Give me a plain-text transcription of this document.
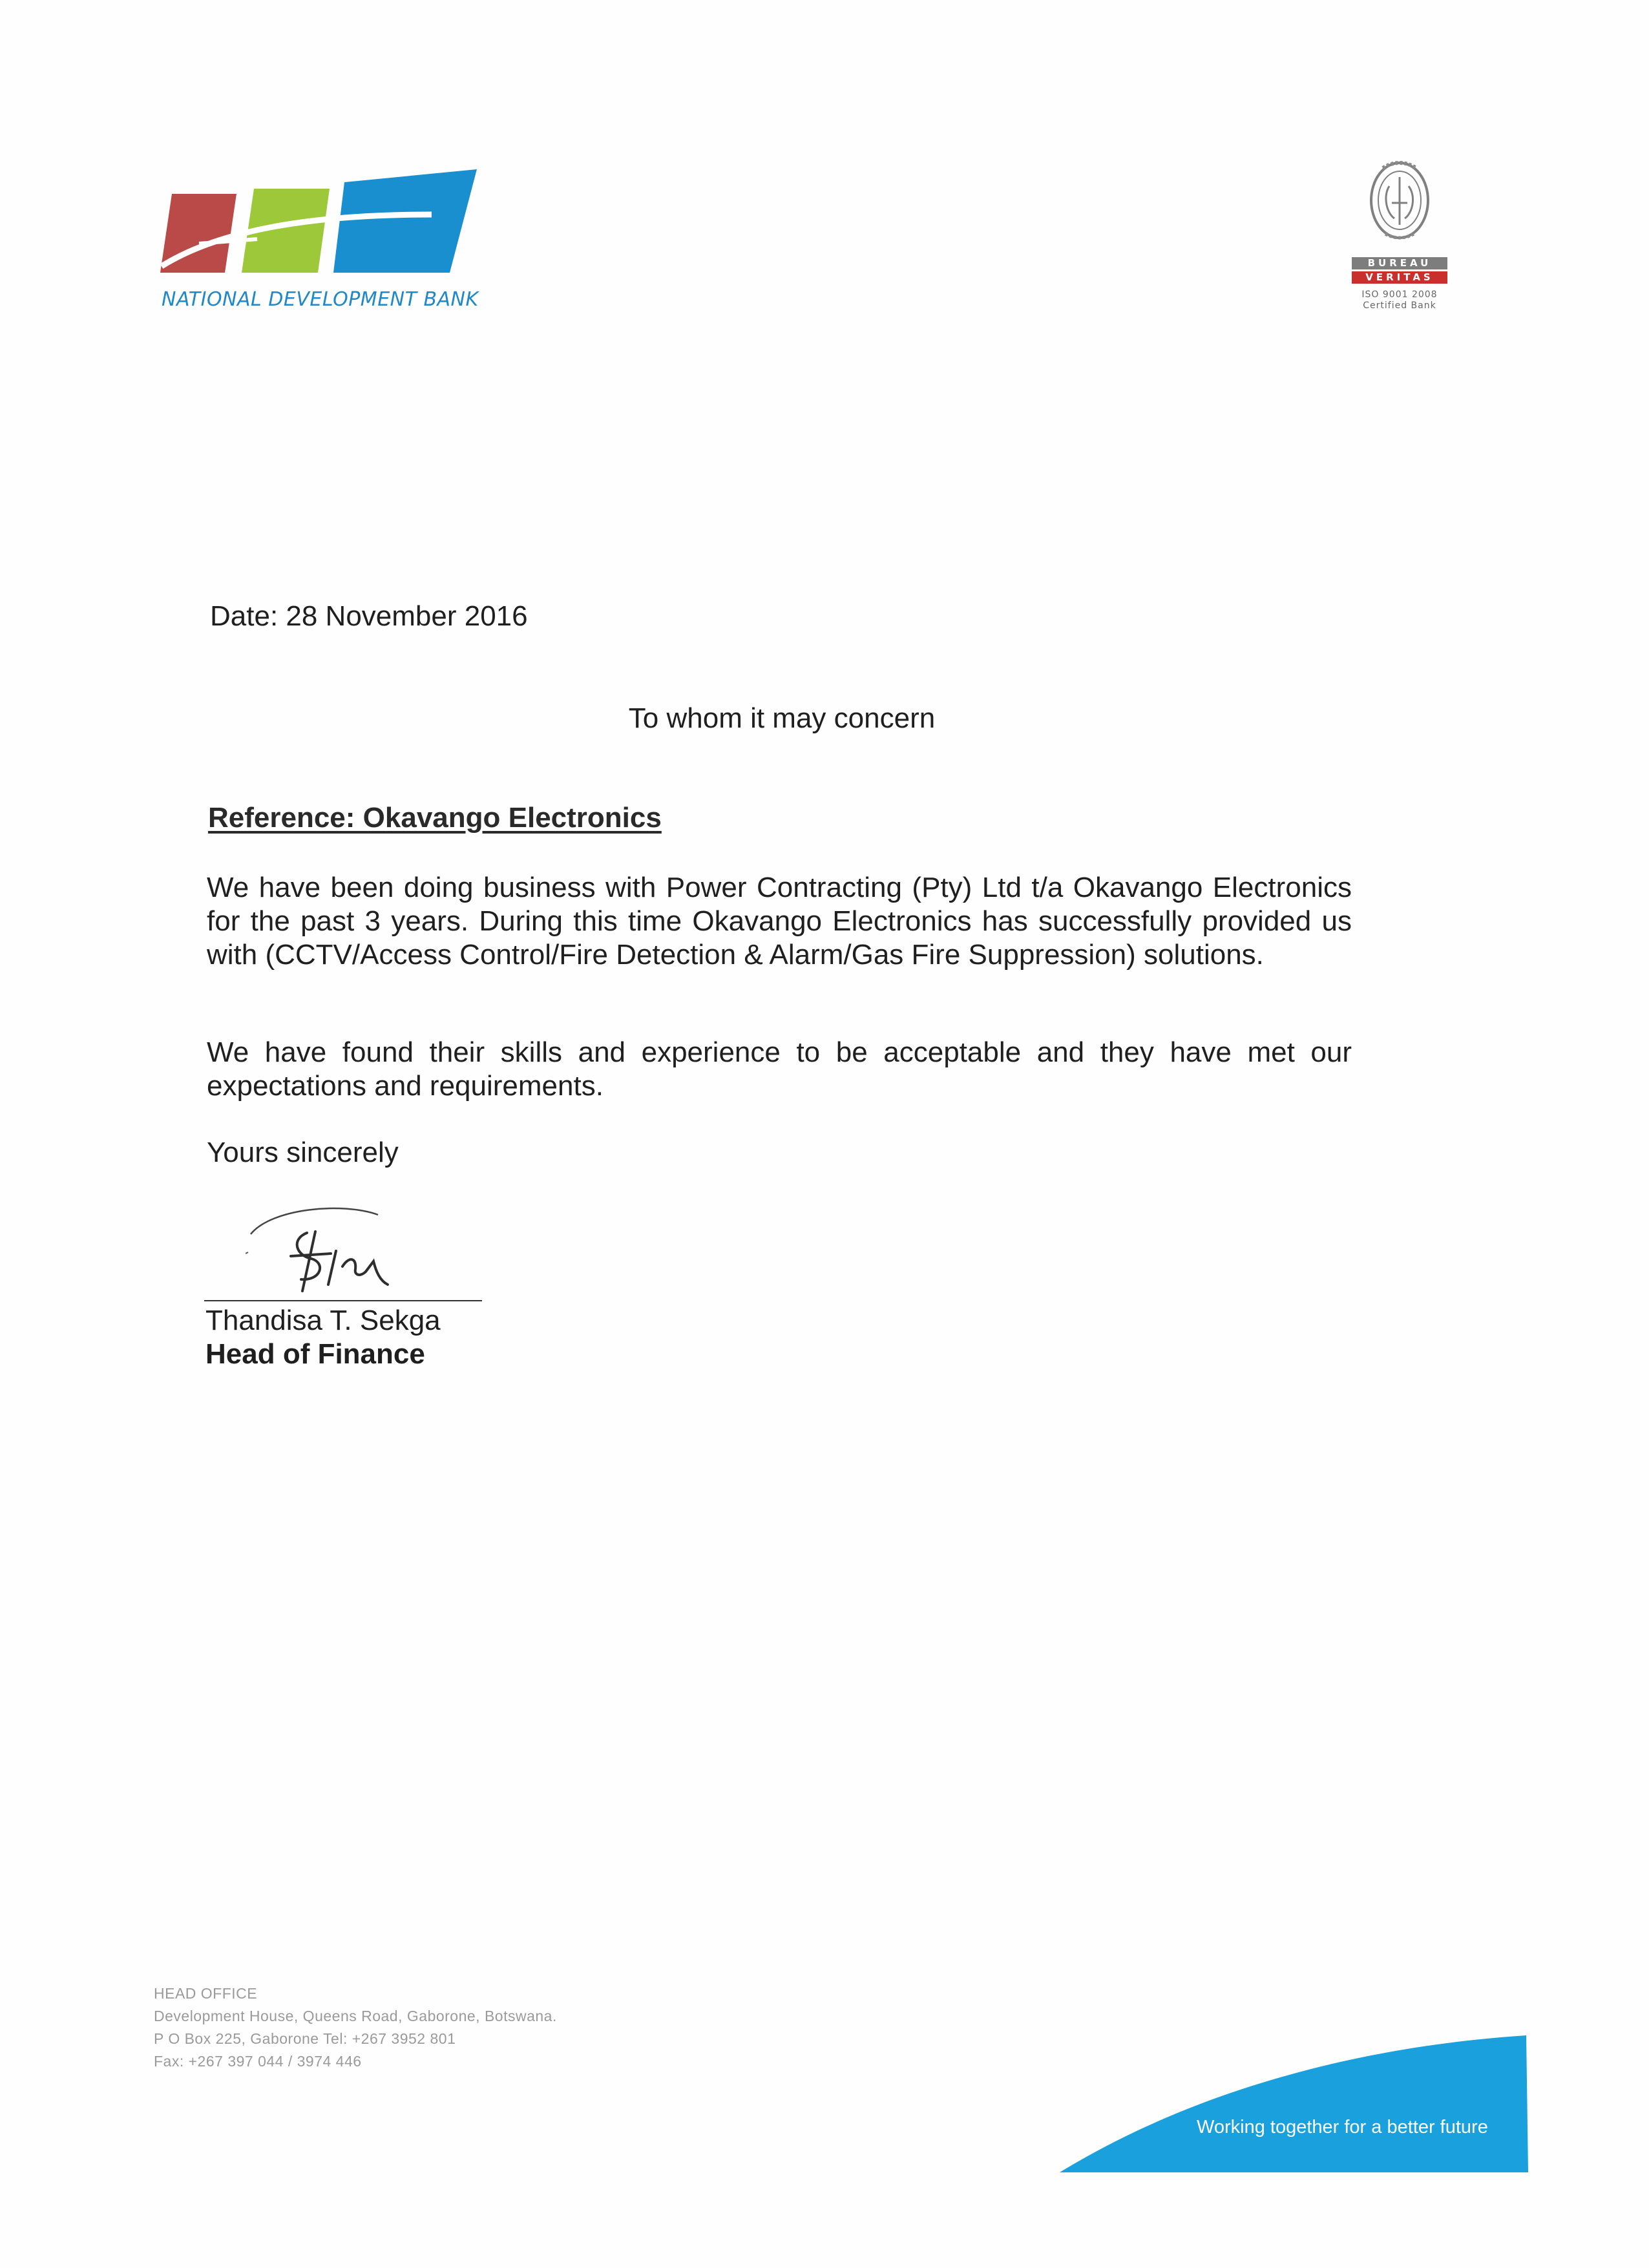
NATIONAL DEVELOPMENT BANK
BUREAU
VERITAS
ISO 9001 2008
Certified Bank
Date: 28 November 2016
To whom it may concern
Reference: Okavango Electronics
We have been doing business with Power Contracting (Pty) Ltd t/a Okavango Electronics for the past 3 years. During this time Okavango Electronics has successfully provided us with (CCTV/Access Control/Fire Detection & Alarm/Gas Fire Suppression) solutions.
We have found their skills and experience to be acceptable and they have met our expectations and requirements.
Yours sincerely
Thandisa T. Sekga
Head of Finance
HEAD OFFICE
Development House, Queens Road, Gaborone, Botswana.
P O Box 225, Gaborone Tel: +267 3952 801
Fax: +267 397 044 / 3974 446
Working together for a better future
